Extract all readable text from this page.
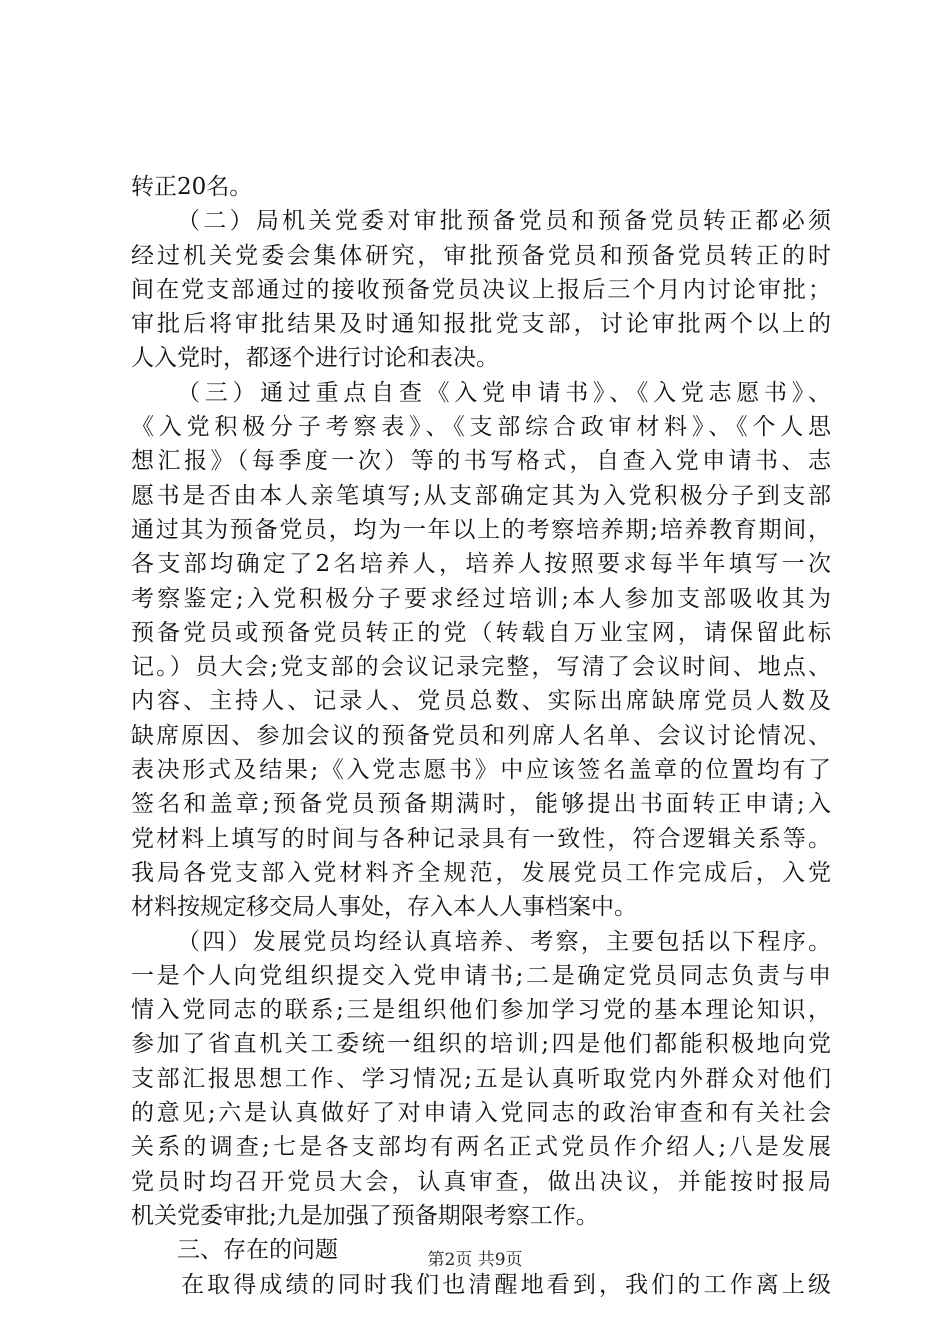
转正20名。
（二）局机关党委对审批预备党员和预备党员转正都必须
经过机关党委会集体研究，审批预备党员和预备党员转正的时
间在党支部通过的接收预备党员决议上报后三个月内讨论审批；
审批后将审批结果及时通知报批党支部，讨论审批两个以上的
人入党时，都逐个进行讨论和表决。
（三）通过重点自查《入党申请书》、《入党志愿书》、
《入党积极分子考察表》、《支部综合政审材料》、《个人思
想汇报》（每季度一次）等的书写格式，自查入党申请书、志
愿书是否由本人亲笔填写;从支部确定其为入党积极分子到支部
通过其为预备党员，均为一年以上的考察培养期;培养教育期间，
各支部均确定了2名培养人，培养人按照要求每半年填写一次
考察鉴定;入党积极分子要求经过培训;本人参加支部吸收其为
预备党员或预备党员转正的党（转载自万业宝网，请保留此标
记。）员大会;党支部的会议记录完整，写清了会议时间、地点、
内容、主持人、记录人、党员总数、实际出席缺席党员人数及
缺席原因、参加会议的预备党员和列席人名单、会议讨论情况、
表决形式及结果;《入党志愿书》中应该签名盖章的位置均有了
签名和盖章;预备党员预备期满时，能够提出书面转正申请;入
党材料上填写的时间与各种记录具有一致性，符合逻辑关系等。
我局各党支部入党材料齐全规范，发展党员工作完成后，入党
材料按规定移交局人事处，存入本人人事档案中。
（四）发展党员均经认真培养、考察，主要包括以下程序。
一是个人向党组织提交入党申请书;二是确定党员同志负责与申
情入党同志的联系;三是组织他们参加学习党的基本理论知识，
参加了省直机关工委统一组织的培训;四是他们都能积极地向党
支部汇报思想工作、学习情况;五是认真听取党内外群众对他们
的意见;六是认真做好了对申请入党同志的政治审查和有关社会
关系的调查;七是各支部均有两名正式党员作介绍人;八是发展
党员时均召开党员大会，认真审查，做出决议，并能按时报局
机关党委审批;九是加强了预备期限考察工作。
三、存在的问题
在取得成绩的同时我们也清醒地看到，我们的工作离上级
第2页 共9页
